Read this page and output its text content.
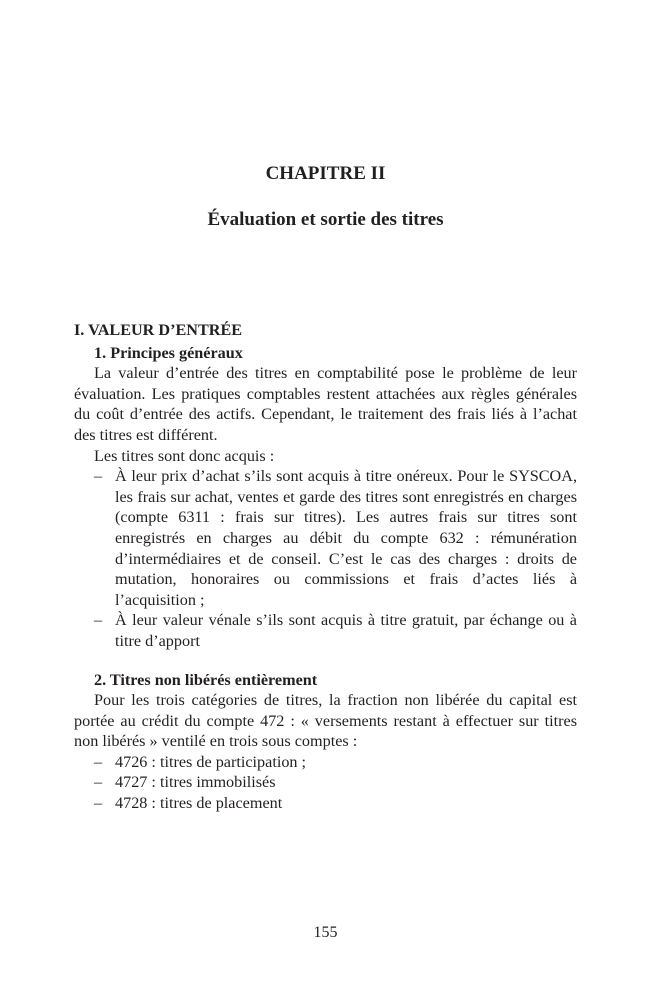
CHAPITRE II
Évaluation et sortie des titres
I. VALEUR D’ENTRÉE
1. Principes généraux

La valeur d’entrée des titres en comptabilité pose le problème de leur évaluation. Les pratiques comptables restent attachées aux règles générales du coût d’entrée des actifs. Cependant, le traitement des frais liés à l’achat des titres est différent.

Les titres sont donc acquis :

– À leur prix d’achat s’ils sont acquis à titre onéreux. Pour le SYSCOA, les frais sur achat, ventes et garde des titres sont enregistrés en charges (compte 6311 : frais sur titres). Les autres frais sur titres sont enregistrés en charges au débit du compte 632 : rémunération d’intermédiaires et de conseil. C’est le cas des charges : droits de mutation, honoraires ou commissions et frais d’actes liés à l’acquisition ;
– À leur valeur vénale s’ils sont acquis à titre gratuit, par échange ou à titre d’apport
2. Titres non libérés entièrement

Pour les trois catégories de titres, la fraction non libérée du capital est portée au crédit du compte 472 : « versements restant à effectuer sur titres non libérés » ventilé en trois sous comptes :

– 4726 : titres de participation ;
– 4727 : titres immobilisés
– 4728 : titres de placement
155
